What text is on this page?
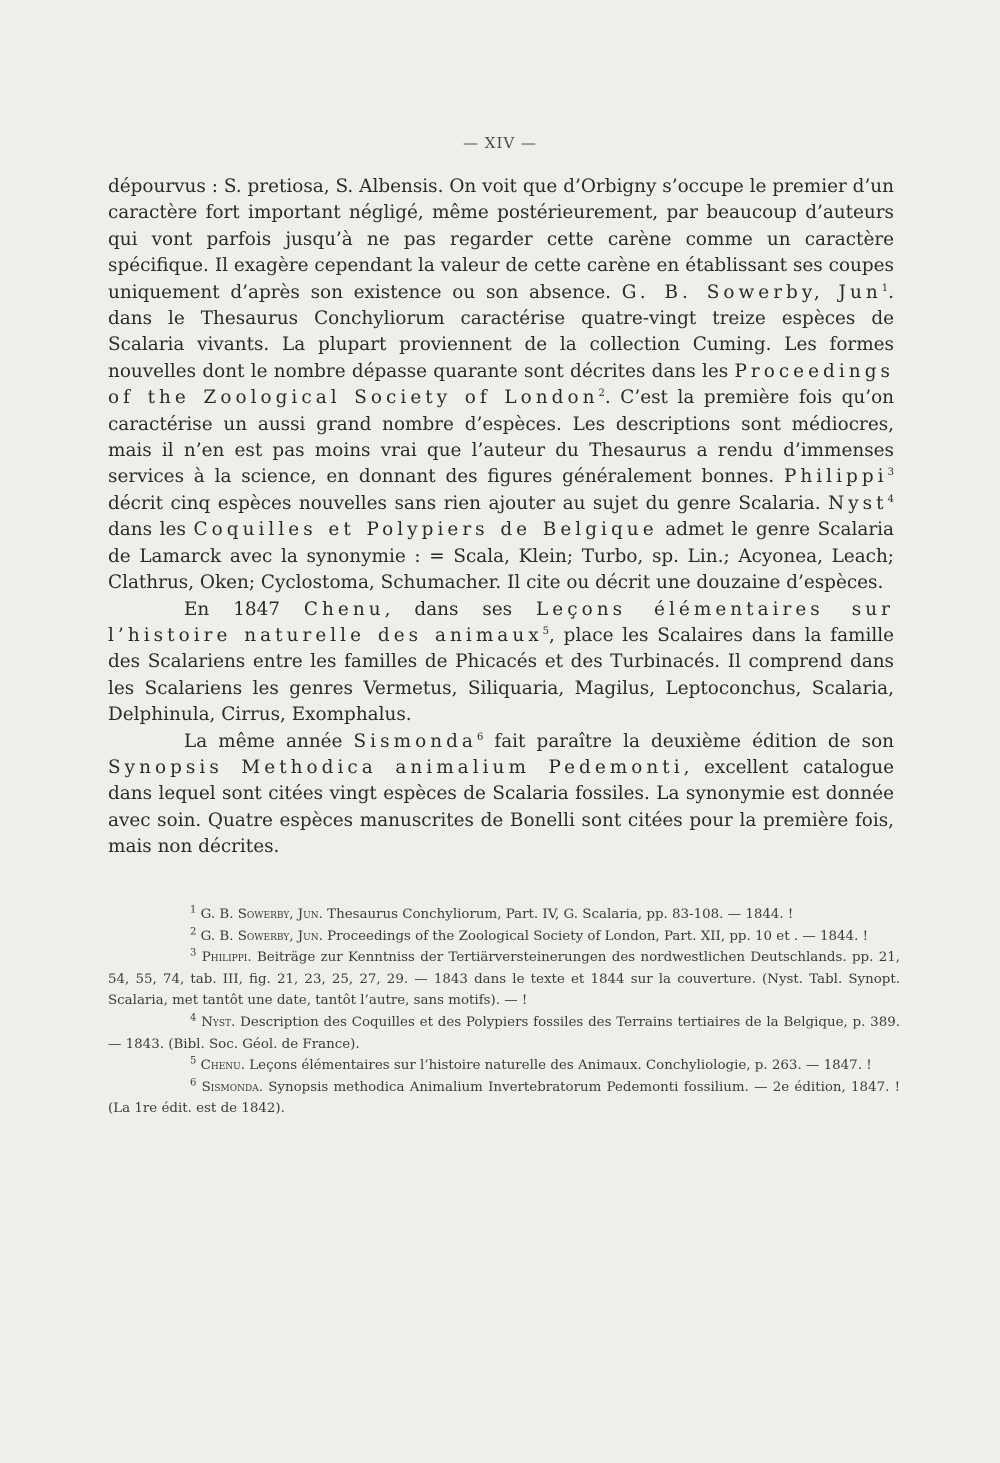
— XIV —

dépourvus : S. pretiosa, S. Albensis. On voit que d’Orbigny s’occupe le premier d’un caractère fort important négligé, même postérieurement, par beaucoup d’auteurs qui vont parfois jusqu’à ne pas regarder cette carène comme un caractère spécifique. Il exagère cependant la valeur de cette carène en établissant ses coupes uniquement d’après son existence ou son absence. G. B. Sowerby, Jun$^1$. dans le Thesaurus Conchyliorum caractérise quatre-vingt treize espèces de Scalaria vivants. La plupart proviennent de la collection Cuming. Les formes nouvelles dont le nombre dépasse quarante sont décrites dans les Proceedings of the Zoological Society of London$^2$. C’est la première fois qu’on caractérise un aussi grand nombre d’espèces. Les descriptions sont médiocres, mais il n’en est pas moins vrai que l’auteur du Thesaurus a rendu d’immenses services à la science, en donnant des figures généralement bonnes. Philippi$^3$ décrit cinq espèces nouvelles sans rien ajouter au sujet du genre Scalaria. Nyst$^4$ dans les Coquilles et Polypiers de Belgique admet le genre Scalaria de Lamarck avec la synonymie : = Scala, Klein; Turbo, sp. Lin.; Acyonea, Leach; Clathrus, Oken; Cyclostoma, Schumacher. Il cite ou décrit une douzaine d’espèces.

En 1847 Chenu, dans ses Leçons élémentaires sur l’histoire naturelle des animaux$^5$, place les Scalaires dans la famille des Scalariens entre les familles de Phicacés et des Turbinacés. Il comprend dans les Scalariens les genres Vermetus, Siliquaria, Magilus, Leptoconchus, Scalaria, Delphinula, Cirrus, Exomphalus.

La même année Sismonda$^6$ fait paraître la deuxième édition de son Synopsis Methodica animalium Pedemonti, excellent catalogue dans lequel sont citées vingt espèces de Scalaria fossiles. La synonymie est donnée avec soin. Quatre espèces manuscrites de Bonelli sont citées pour la première fois, mais non décrites.

$^1$ G. B. Sowerby, Jun. Thesaurus Conchyliorum, Part. IV, G. Scalaria, pp. 83-108. — 1844. !

$^2$ G. B. Sowerby, Jun. Proceedings of the Zoological Society of London, Part. XII, pp. 10 et . — 1844. !

$^3$ Philippi. Beiträge zur Kenntniss der Tertiärversteinerungen des nordwestlichen Deutschlands. pp. 21, 54, 55, 74, tab. III, fig. 21, 23, 25, 27, 29. — 1843 dans le texte et 1844 sur la couverture. (Nyst. Tabl. Synopt. Scalaria, met tantôt une date, tantôt l’autre, sans motifs). — !

$^4$ Nyst. Description des Coquilles et des Polypiers fossiles des Terrains tertiaires de la Belgique, p. 389. — 1843. (Bibl. Soc. Géol. de France).

$^5$ Chenu. Leçons élémentaires sur l’histoire naturelle des Animaux. Conchyliologie, p. 263. — 1847. !

$^6$ Sismonda. Synopsis methodica Animalium Invertebratorum Pedemonti fossilium. — 2e édition, 1847. ! (La 1re édit. est de 1842).
